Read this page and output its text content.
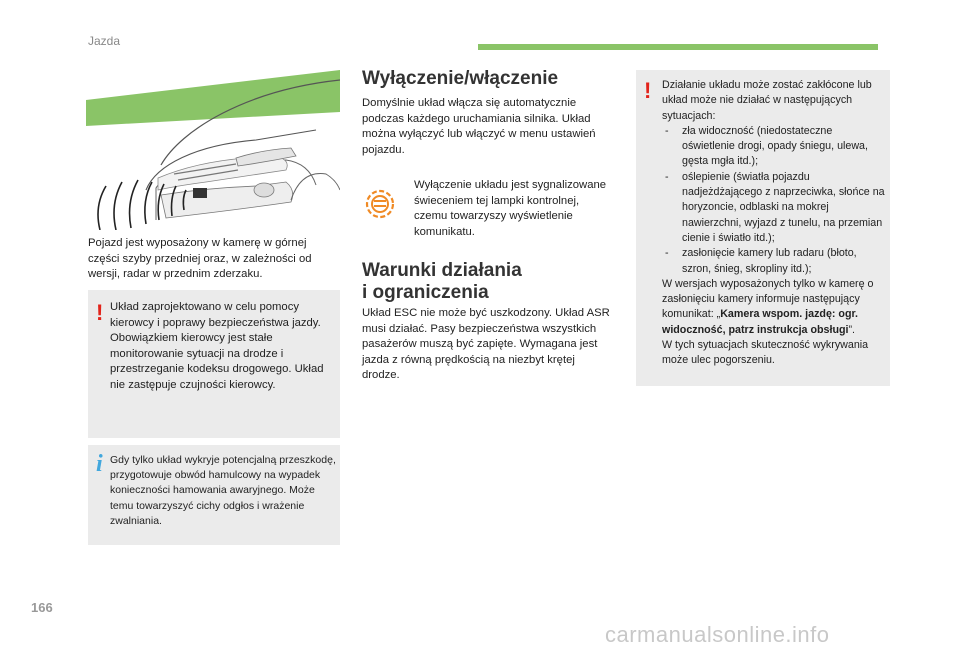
Jazda

Pojazd jest wyposażony w kamerę w górnej części szyby przedniej oraz, w zależności od wersji, radar w przednim zderzaku.

! Układ zaprojektowano w celu pomocy kierowcy i poprawy bezpieczeństwa jazdy. Obowiązkiem kierowcy jest stałe monitorowanie sytuacji na drodze i przestrzeganie kodeksu drogowego. Układ nie zastępuje czujności kierowcy.

i Gdy tylko układ wykryje potencjalną przeszkodę, przygotowuje obwód hamulcowy na wypadek konieczności hamowania awaryjnego. Może temu towarzyszyć cichy odgłos i wrażenie zwalniania.

Wyłączenie/włączenie

Domyślnie układ włącza się automatycznie podczas każdego uruchamiania silnika. Układ można wyłączyć lub włączyć w menu ustawień pojazdu.

Wyłączenie układu jest sygnalizowane świeceniem tej lampki kontrolnej, czemu towarzyszy wyświetlenie komunikatu.

Warunki działania
i ograniczenia

Układ ESC nie może być uszkodzony. Układ ASR musi działać. Pasy bezpieczeństwa wszystkich pasażerów muszą być zapięte. Wymagana jest jazda z równą prędkością na niezbyt krętej drodze.

! Działanie układu może zostać zakłócone lub układ może nie działać w następujących sytuacjach:

- zła widoczność (niedostateczne oświetlenie drogi, opady śniegu, ulewa, gęsta mgła itd.);
- oślepienie (światła pojazdu nadjeżdżającego z naprzeciwka, słońce na horyzoncie, odblaski na mokrej nawierzchni, wyjazd z tunelu, na przemian cienie i światło itd.);
- zasłonięcie kamery lub radaru (błoto, szron, śnieg, skropliny itd.);

W wersjach wyposażonych tylko w kamerę o zasłonięciu kamery informuje następujący komunikat: „Kamera wspom. jazdę: ogr. widoczność, patrz instrukcja obsługi”.

W tych sytuacjach skuteczność wykrywania może ulec pogorszeniu.

166
carmanualsonline.info
